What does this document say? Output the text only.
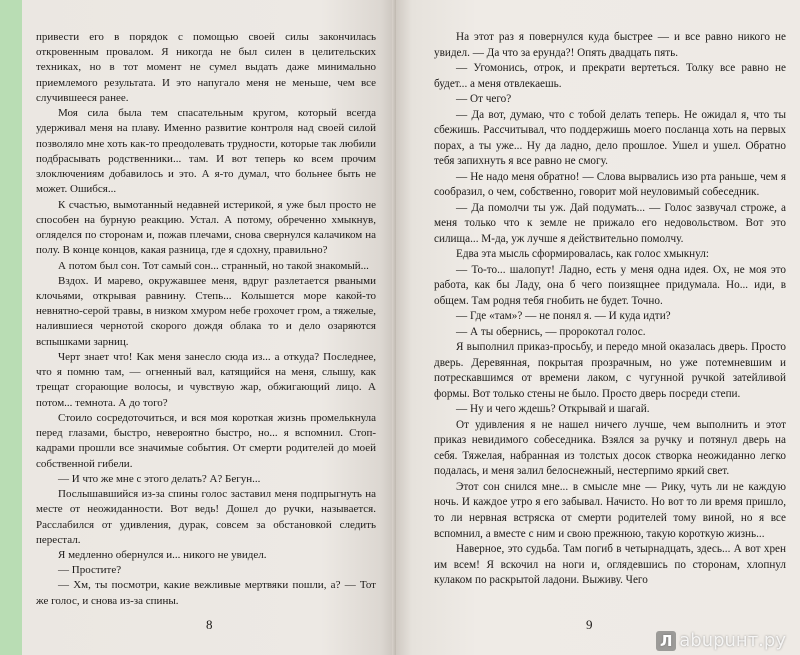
привести его в порядок с помощью своей силы закончилась откровенным провалом. Я никогда не был силен в целительских техниках, но в тот момент не сумел выдать даже минимально приемлемого результата. И это напугало меня не меньше, чем все случившееся ранее.

Моя сила была тем спасательным кругом, который всегда удерживал меня на плаву. Именно развитие контроля над своей силой позволяло мне хоть как-то преодолевать трудности, которые так любили подбрасывать родственники... там. И вот теперь ко всем прочим злоключениям добавилось и это. А я-то думал, что больнее быть не может. Ошибся...

К счастью, вымотанный недавней истерикой, я уже был просто не способен на бурную реакцию. Устал. А потому, обреченно хмыкнув, огляделся по сторонам и, пожав плечами, снова свернулся калачиком на полу. В конце концов, какая разница, где я сдохну, правильно?

А потом был сон. Тот самый сон... странный, но такой знакомый...

Вздох. И марево, окружавшее меня, вдруг разлетается рваными клочьями, открывая равнину. Степь... Колышется море какой-то невнятно-серой травы, в низком хмуром небе грохочет гром, а тяжелые, налившиеся чернотой скорого дождя облака то и дело озаряются вспышками зарниц.

Черт знает что! Как меня занесло сюда из... а откуда? Последнее, что я помню там, — огненный вал, катящийся на меня, слышу, как трещат сгорающие волосы, и чувствую жар, обжигающий лицо. А потом... темнота. А до того?

Стоило сосредоточиться, и вся моя короткая жизнь промелькнула перед глазами, быстро, невероятно быстро, но... я вспомнил. Стоп-кадрами прошли все значимые события. От смерти родителей до моей собственной гибели.

— И что же мне с этого делать? А? Бегун...

Послышавшийся из-за спины голос заставил меня подпрыгнуть на месте от неожиданности. Вот ведь! Дошел до ручки, называется. Расслабился от удивления, дурак, совсем за обстановкой следить перестал.

Я медленно обернулся и... никого не увидел.

— Простите?

— Хм, ты посмотри, какие вежливые мертвяки пошли, а? — Тот же голос, и снова из-за спины.

8

На этот раз я повернулся куда быстрее — и все равно никого не увидел. — Да что за ерунда?! Опять двадцать пять.

— Угомонись, отрок, и прекрати вертеться. Толку все равно не будет... а меня отвлекаешь.

— От чего?

— Да вот, думаю, что с тобой делать теперь. Не ожидал я, что ты сбежишь. Рассчитывал, что поддержишь моего посланца хоть на первых порах, а ты уже... Ну да ладно, дело прошлое. Ушел и ушел. Обратно тебя запихнуть я все равно не смогу.

— Не надо меня обратно! — Слова вырвались изо рта раньше, чем я сообразил, о чем, собственно, говорит мой неуловимый собеседник.

— Да помолчи ты уж. Дай подумать... — Голос зазвучал строже, а меня только что к земле не прижало его недовольством. Вот это силища... М-да, уж лучше я действительно помолчу.

Едва эта мысль сформировалась, как голос хмыкнул:

— То-то... шалопут! Ладно, есть у меня одна идея. Ох, не моя это работа, как бы Ладу, она б чего поизящнее придумала. Но... иди, в общем. Там родня тебя гнобить не будет. Точно.

— Где «там»? — не понял я. — И куда идти?

— А ты обернись, — пророкотал голос.

Я выполнил приказ-просьбу, и передо мной оказалась дверь. Просто дверь. Деревянная, покрытая прозрачным, но уже потемневшим и потрескавшимся от времени лаком, с чугунной ручкой затейливой формы. Вот только стены не было. Просто дверь посреди степи.

— Ну и чего ждешь? Открывай и шагай.

От удивления я не нашел ничего лучше, чем выполнить и этот приказ невидимого собеседника. Взялся за ручку и потянул дверь на себя. Тяжелая, набранная из толстых досок створка неожиданно легко подалась, и меня залил белоснежный, нестерпимо яркий свет.

Этот сон снился мне... в смысле мне — Рику, чуть ли не каждую ночь. И каждое утро я его забывал. Начисто. Но вот то ли время пришло, то ли нервная встряска от смерти родителей тому виной, но я все вспомнил, а вместе с ним и свою прежнюю, такую короткую жизнь...

Наверное, это судьба. Там погиб в четырнадцать, здесь... А вот хрен им всем! Я вскочил на ноги и, оглядевшись по сторонам, хлопнул кулаком по раскрытой ладони. Выживу. Чего

9
Л аbuрuнт.ру
